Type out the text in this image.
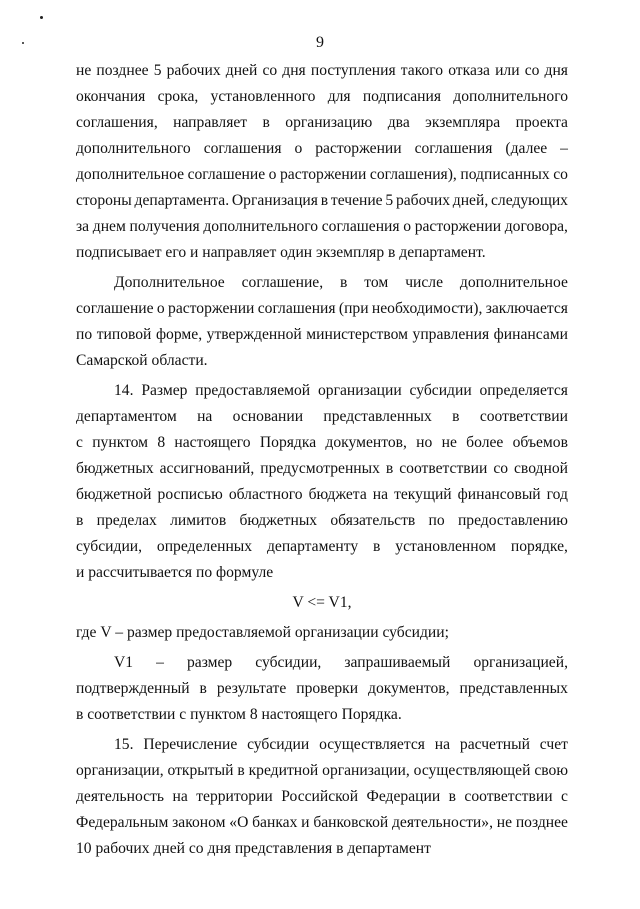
9
не позднее 5 рабочих дней со дня поступления такого отказа или со дня
окончания срока, установленного для подписания дополнительного
соглашения, направляет в организацию два экземпляра проекта
дополнительного соглашения о расторжении соглашения (далее –
дополнительное соглашение о расторжении соглашения), подписанных со
стороны департамента. Организация в течение 5 рабочих дней, следующих
за днем получения дополнительного соглашения о расторжении договора,
подписывает его и направляет один экземпляр в департамент.
Дополнительное соглашение, в том числе дополнительное
соглашение о расторжении соглашения (при необходимости), заключается
по типовой форме, утвержденной министерством управления финансами
Самарской области.
14. Размер предоставляемой организации субсидии определяется
департаментом на основании представленных в соответствии
с пунктом 8 настоящего Порядка документов, но не более объемов
бюджетных ассигнований, предусмотренных в соответствии со сводной
бюджетной росписью областного бюджета на текущий финансовый год
в пределах лимитов бюджетных обязательств по предоставлению
субсидии, определенных департаменту в установленном порядке,
и рассчитывается по формуле
V <= V1,
где V – размер предоставляемой организации субсидии;
V1 – размер субсидии, запрашиваемый организацией,
подтвержденный в результате проверки документов, представленных
в соответствии с пунктом 8 настоящего Порядка.
15. Перечисление субсидии осуществляется на расчетный счет
организации, открытый в кредитной организации, осуществляющей свою
деятельность на территории Российской Федерации в соответствии с
Федеральным законом «О банках и банковской деятельности», не позднее
10 рабочих дней со дня представления в департамент
